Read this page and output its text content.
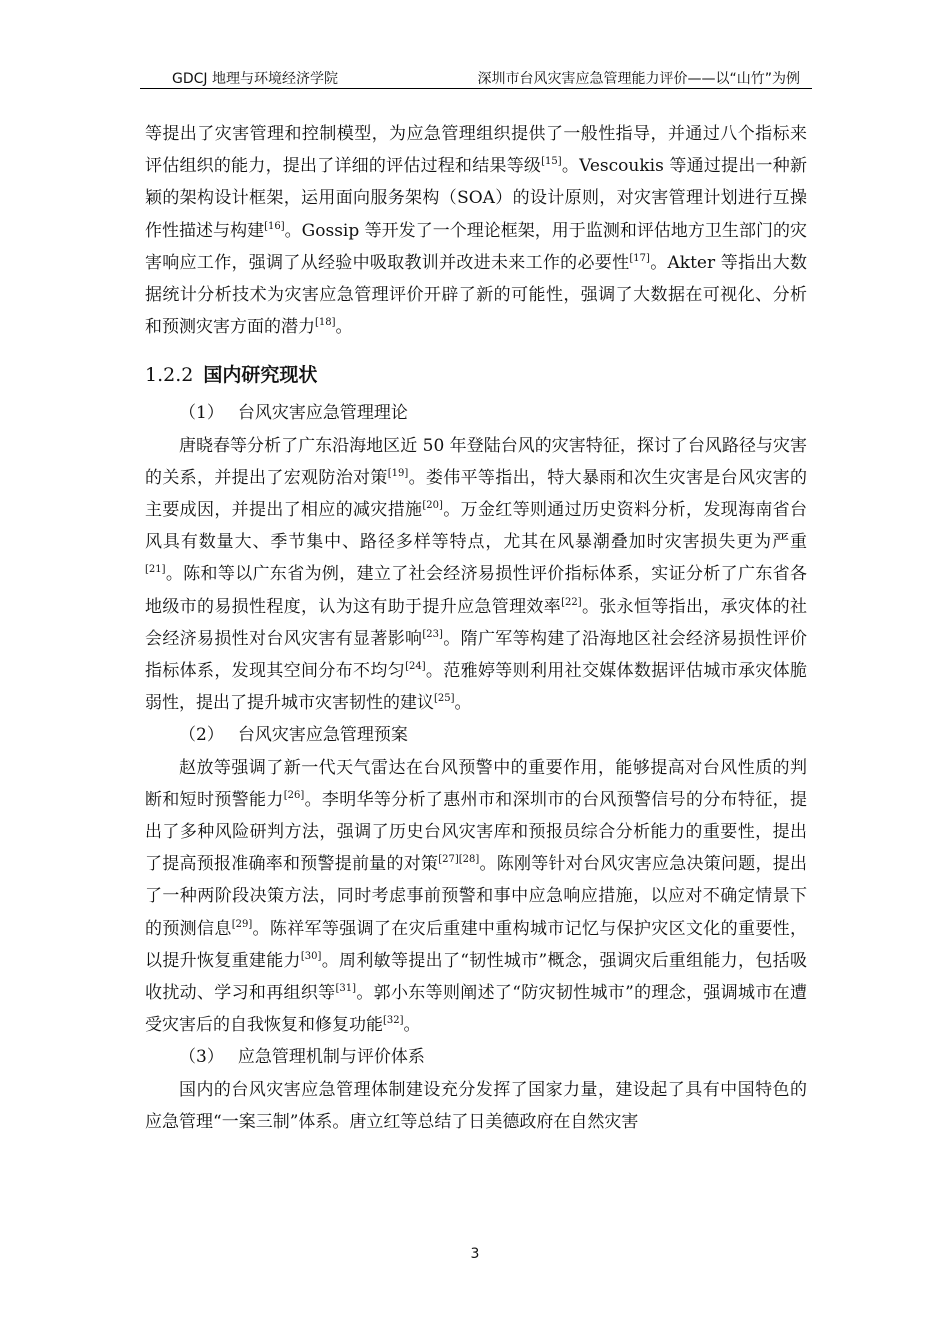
GDCJ 地理与环境经济学院	深圳市台风灾害应急管理能力评价——以“山竹”为例

等提出了灾害管理和控制模型，为应急管理组织提供了一般性指导，并通过八个指标来评估组织的能力，提出了详细的评估过程和结果等级[15]。Vescoukis 等通过提出一种新颖的架构设计框架，运用面向服务架构（SOA）的设计原则，对灾害管理计划进行互操作性描述与构建[16]。Gossip 等开发了一个理论框架，用于监测和评估地方卫生部门的灾害响应工作，强调了从经验中吸取教训并改进未来工作的必要性[17]。Akter 等指出大数据统计分析技术为灾害应急管理评价开辟了新的可能性，强调了大数据在可视化、分析和预测灾害方面的潜力[18]。

1.2.2 国内研究现状
（1） 台风灾害应急管理理论

唐晓春等分析了广东沿海地区近 50 年登陆台风的灾害特征，探讨了台风路径与灾害的关系，并提出了宏观防治对策[19]。娄伟平等指出，特大暴雨和次生灾害是台风灾害的主要成因，并提出了相应的减灾措施[20]。万金红等则通过历史资料分析，发现海南省台风具有数量大、季节集中、路径多样等特点，尤其在风暴潮叠加时灾害损失更为严重[21]。陈和等以广东省为例，建立了社会经济易损性评价指标体系，实证分析了广东省各地级市的易损性程度，认为这有助于提升应急管理效率[22]。张永恒等指出，承灾体的社会经济易损性对台风灾害有显著影响[23]。隋广军等构建了沿海地区社会经济易损性评价指标体系，发现其空间分布不均匀[24]。范雅婷等则利用社交媒体数据评估城市承灾体脆弱性，提出了提升城市灾害韧性的建议[25]。

（2） 台风灾害应急管理预案

赵放等强调了新一代天气雷达在台风预警中的重要作用，能够提高对台风性质的判断和短时预警能力[26]。李明华等分析了惠州市和深圳市的台风预警信号的分布特征，提出了多种风险研判方法，强调了历史台风灾害库和预报员综合分析能力的重要性，提出了提高预报准确率和预警提前量的对策[27][28]。陈刚等针对台风灾害应急决策问题，提出了一种两阶段决策方法，同时考虑事前预警和事中应急响应措施，以应对不确定情景下的预测信息[29]。陈祥军等强调了在灾后重建中重构城市记忆与保护灾区文化的重要性，以提升恢复重建能力[30]。周利敏等提出了“韧性城市”概念，强调灾后重组能力，包括吸收扰动、学习和再组织等[31]。郭小东等则阐述了“防灾韧性城市”的理念，强调城市在遭受灾害后的自我恢复和修复功能[32]。

（3） 应急管理机制与评价体系

国内的台风灾害应急管理体制建设充分发挥了国家力量，建设起了具有中国特色的应急管理“一案三制”体系。唐立红等总结了日美德政府在自然灾害

3
